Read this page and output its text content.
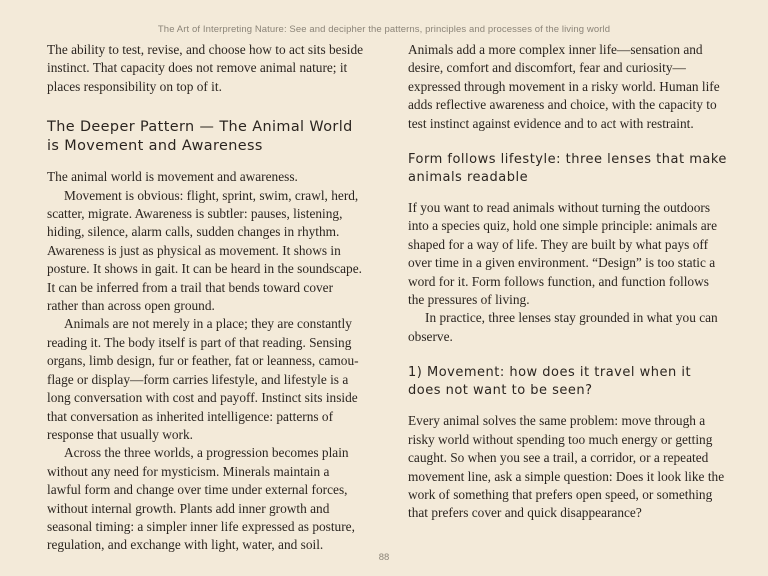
The Art of Interpreting Nature: See and decipher the patterns, principles and processes of the living world

The ability to test, revise, and choose how to act sits beside instinct. That capacity does not remove animal nature; it places responsibility on top of it.

The Deeper Pattern — The Animal World is Movement and Awareness

The animal world is movement and awareness.

Movement is obvious: flight, sprint, swim, crawl, herd, scatter, migrate. Awareness is subtler: pauses, listening, hiding, silence, alarm calls, sudden changes in rhythm. Awareness is just as physical as movement. It shows in posture. It shows in gait. It can be heard in the soundscape. It can be inferred from a trail that bends toward cover rather than across open ground.

Animals are not merely in a place; they are constantly reading it. The body itself is part of that reading. Sensing organs, limb design, fur or feather, fat or leanness, camouflage or display—form carries lifestyle, and lifestyle is a long conversation with cost and payoff. Instinct sits inside that conversation as inherited intelligence: patterns of response that usually work.

Across the three worlds, a progression becomes plain without any need for mysticism. Minerals maintain a lawful form and change over time under external forces, without internal growth. Plants add inner growth and seasonal timing: a simpler inner life expressed as posture, regulation, and exchange with light, water, and soil.

Animals add a more complex inner life—sensation and desire, comfort and discomfort, fear and curiosity—expressed through movement in a risky world. Human life adds reflective awareness and choice, with the capacity to test instinct against evidence and to act with restraint.

Form follows lifestyle: three lenses that make animals readable

If you want to read animals without turning the outdoors into a species quiz, hold one simple principle: animals are shaped for a way of life. They are built by what pays off over time in a given environment. “Design” is too static a word for it. Form follows function, and function follows the pressures of living.

In practice, three lenses stay grounded in what you can observe.

1) Movement: how does it travel when it does not want to be seen?

Every animal solves the same problem: move through a risky world without spending too much energy or getting caught. So when you see a trail, a corridor, or a repeated movement line, ask a simple question: Does it look like the work of something that prefers open speed, or something that prefers cover and quick disappearance?

88
